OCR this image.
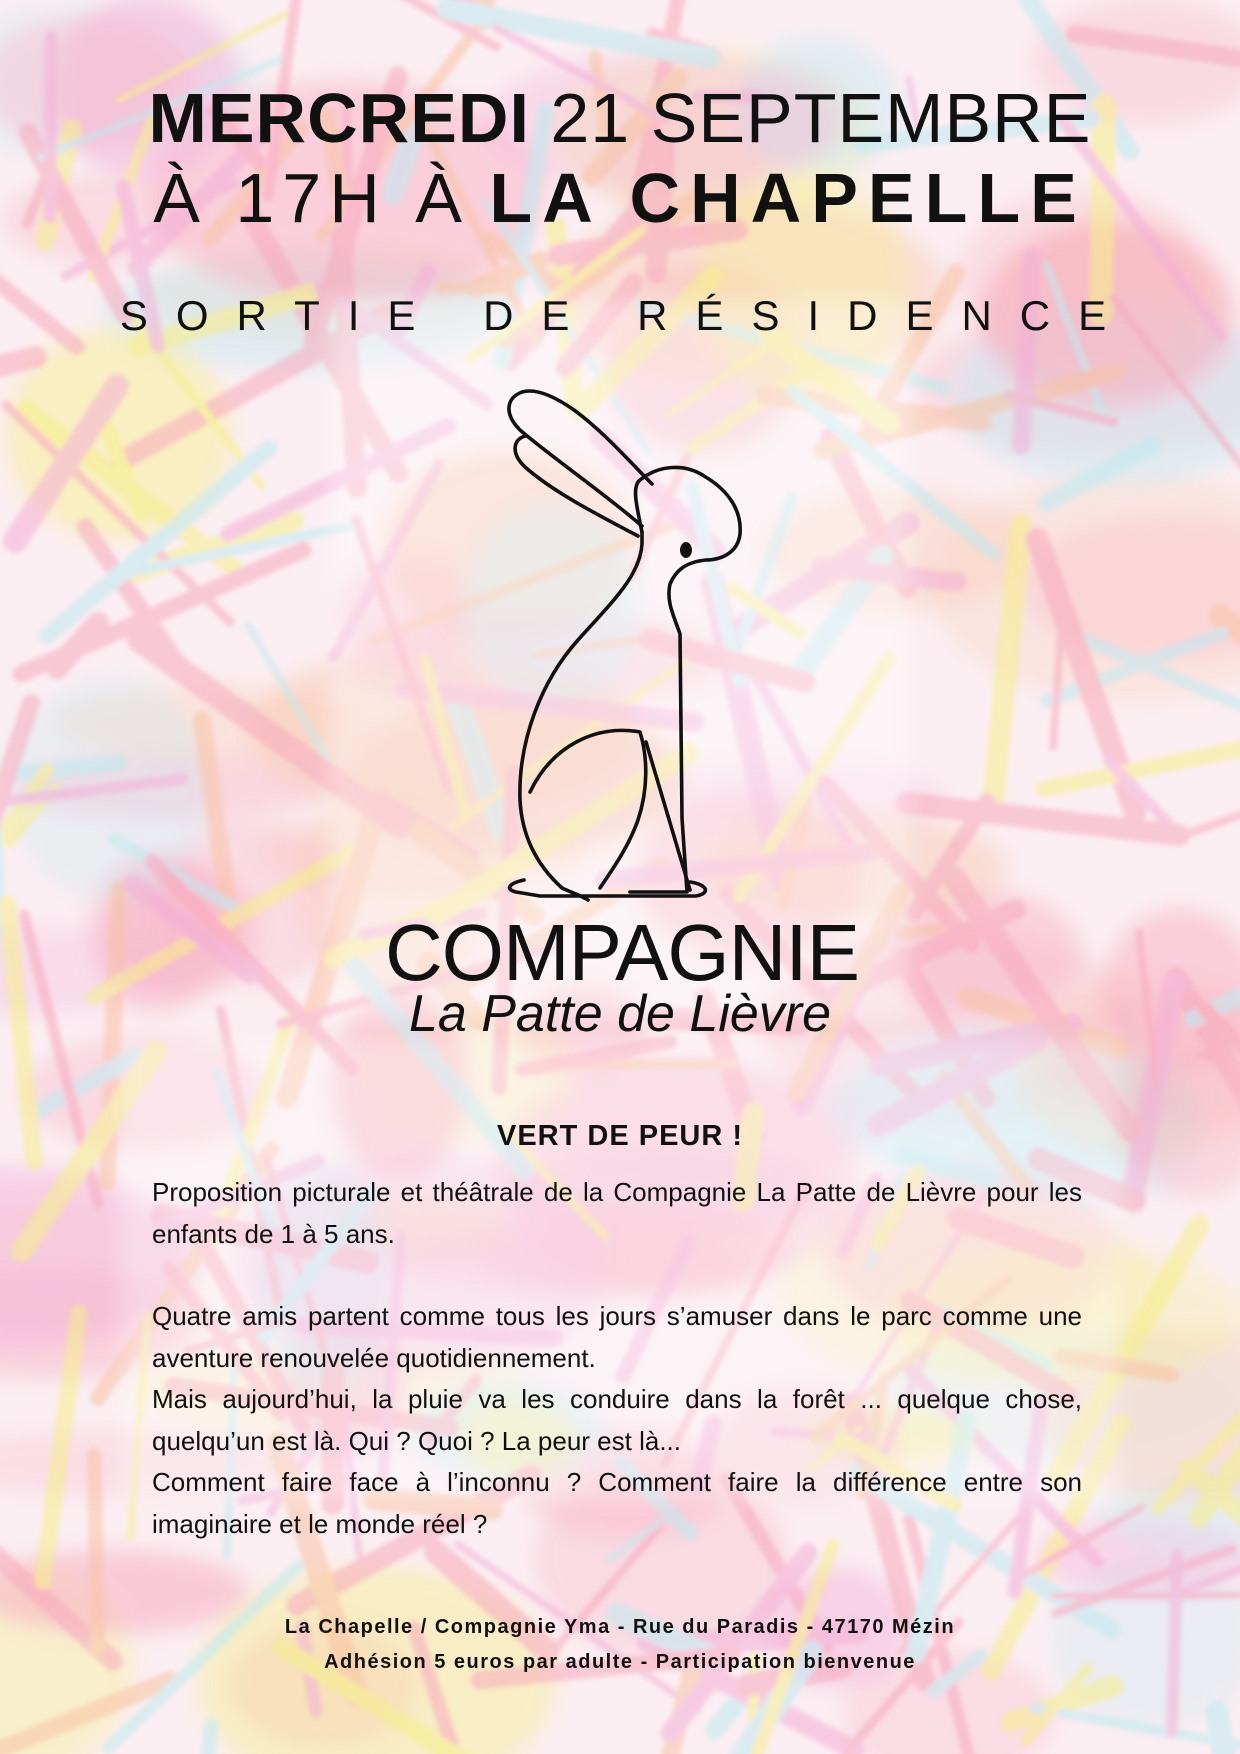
MERCREDI 21 SEPTEMBRE
À 17H À LA CHAPELLE
SORTIE DE RÉSIDENCE
COMPAGNIE
La Patte de Lièvre
VERT DE PEUR !

Proposition picturale et théâtrale de la Compagnie La Patte de Lièvre pour les enfants de 1 à 5 ans.

Quatre amis partent comme tous les jours s’amuser dans le parc comme une aventure renouvelée quotidiennement.

Mais aujourd’hui, la pluie va les conduire dans la forêt ... quelque chose, quelqu’un est là. Qui ? Quoi ? La peur est là...

Comment faire face à l’inconnu ? Comment faire la différence entre son imaginaire et le monde réel ?

La Chapelle / Compagnie Yma - Rue du Paradis - 47170 Mézin
Adhésion 5 euros par adulte - Participation bienvenue
